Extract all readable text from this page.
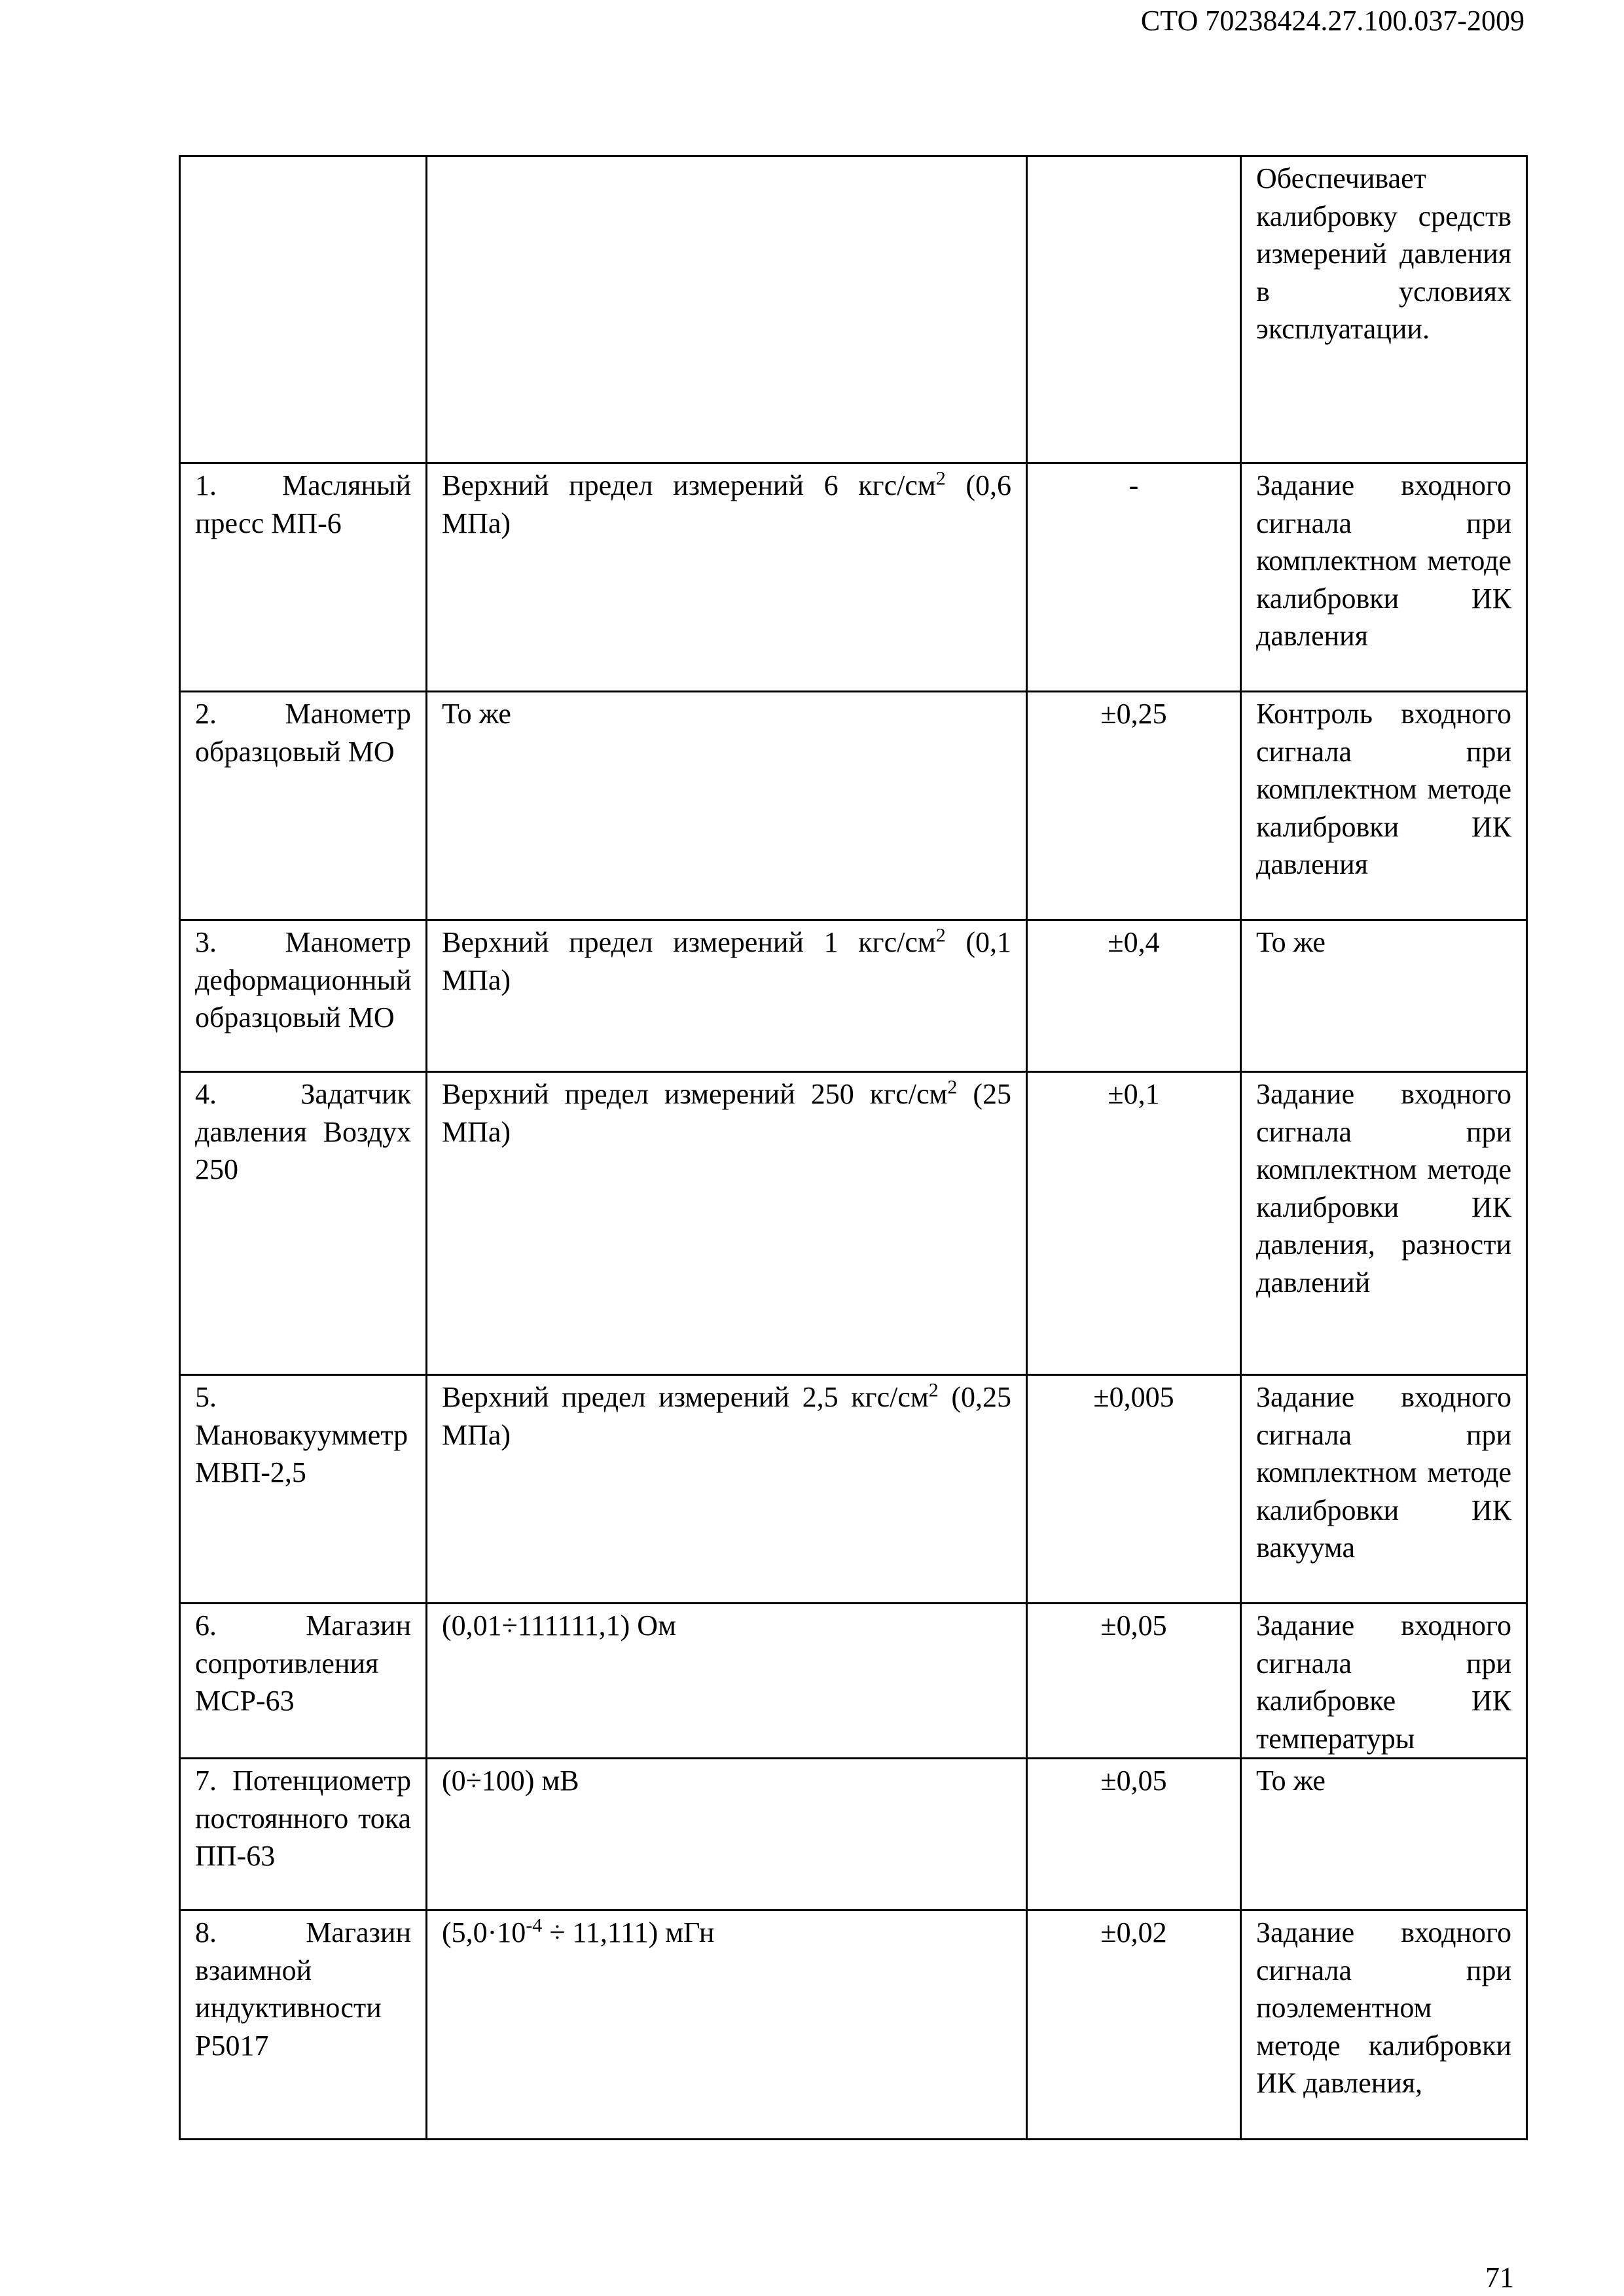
СТО 70238424.27.100.037-2009
			Обеспечивает калибровку средств измерений давления в условиях эксплуатации.
1. Масляный пресс МП-6	Верхний предел измерений 6 кгс/$см^2$ (0,6 МПа)	-	Задание входного сигнала при комплектном методе калибровки ИК давления
2. Манометр образцовый МО	То же	±0,25	Контроль входного сигнала при комплектном методе калибровки ИК давления
3. Манометр деформационный образцовый МО	Верхний предел измерений 1 кгс/$см^2$ (0,1 МПа)	±0,4	То же
4. Задатчик давления Воздух 250	Верхний предел измерений 250 кгс/$см^2$ (25 МПа)	±0,1	Задание входного сигнала при комплектном методе калибровки ИК давления, разности давлений
5. Мановакуумметр МВП-2,5	Верхний предел измерений 2,5 кгс/$см^2$ (0,25 МПа)	±0,005	Задание входного сигнала при комплектном методе калибровки ИК вакуума
6. Магазин сопротивления МСР-63	(0,01÷111111,1) Ом	±0,05	Задание входного сигнала при калибровке ИК температуры
7. Потенциометр постоянного тока ПП-63	(0÷100) мВ	±0,05	То же
8. Магазин взаимной индуктивности Р5017	$(5,0\cdot 10^{-4} \div 11,111)$ мГн	±0,02	Задание входного сигнала при поэлементном методе калибровки ИК давления,
71
